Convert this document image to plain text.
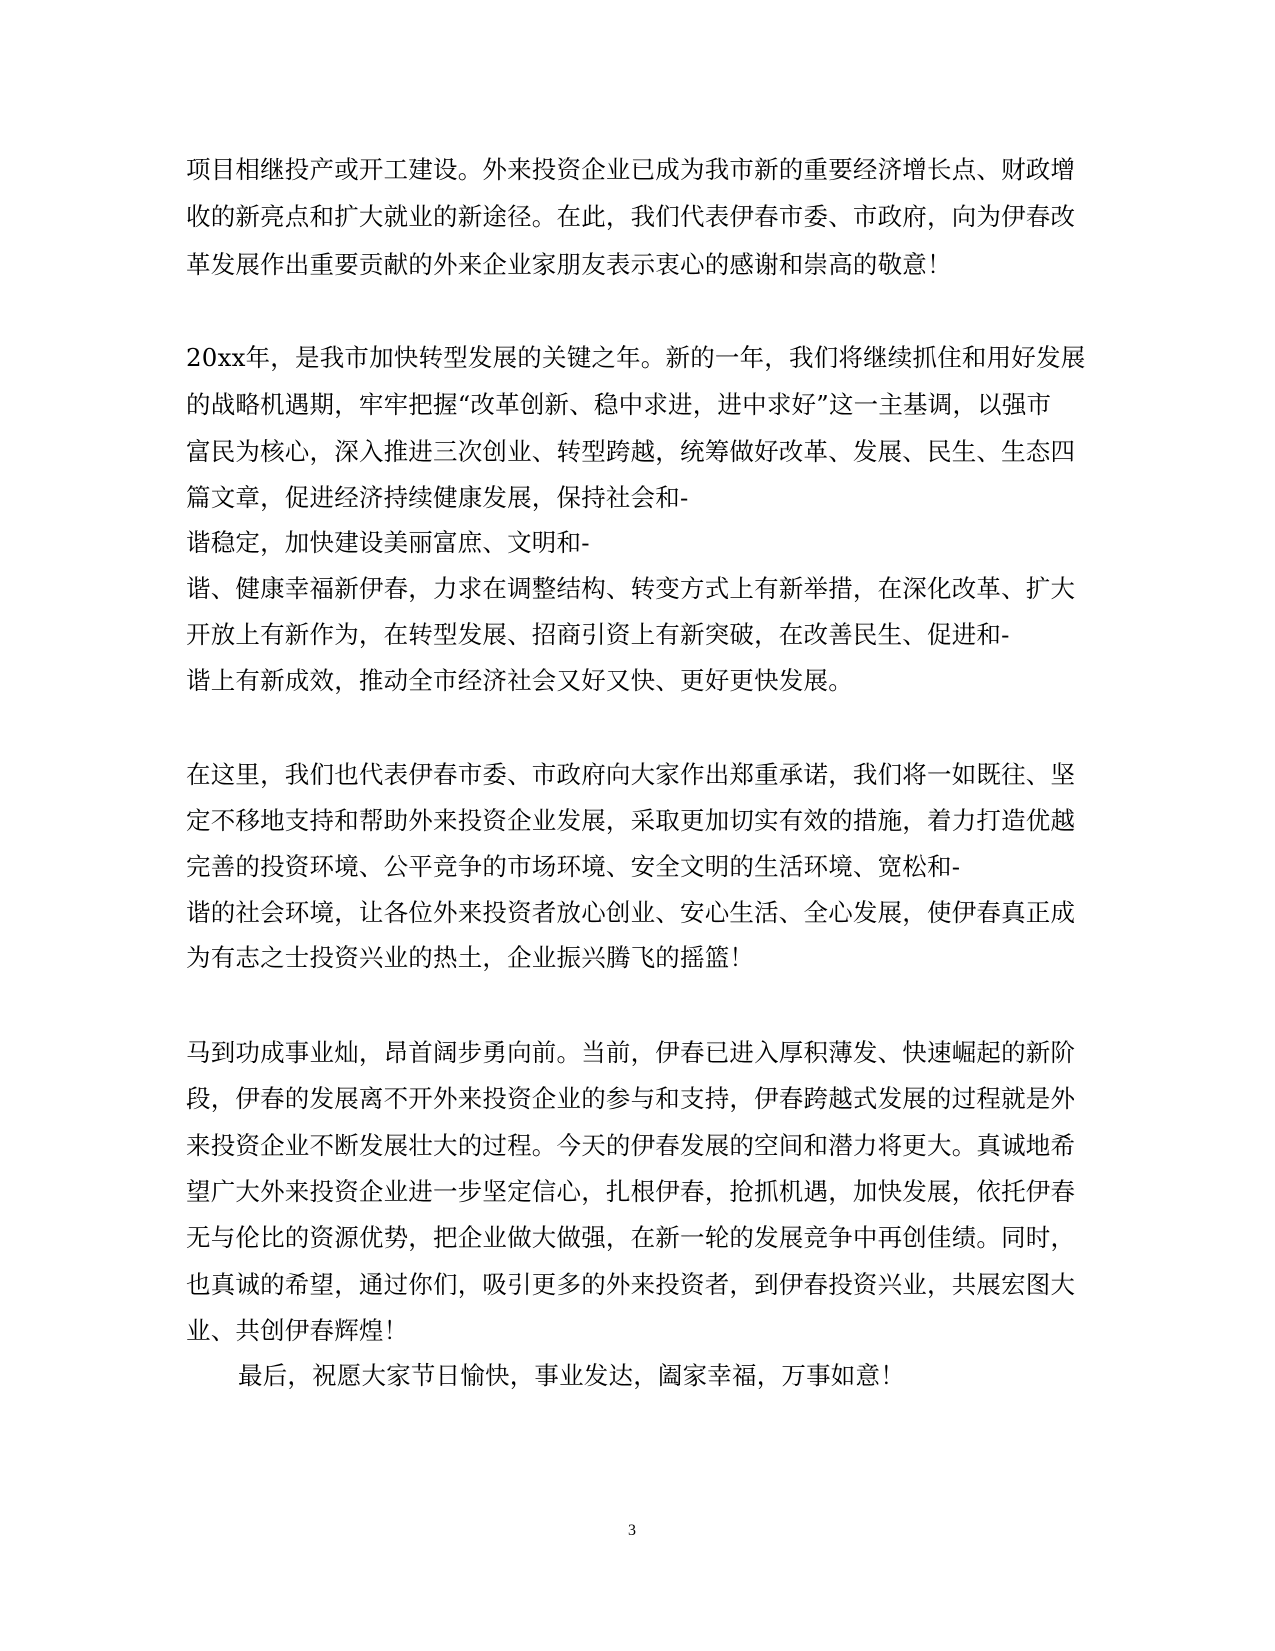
项目相继投产或开工建设。外来投资企业已成为我市新的重要经济增长点、财政增
收的新亮点和扩大就业的新途径。在此，我们代表伊春市委、市政府，向为伊春改
革发展作出重要贡献的外来企业家朋友表示衷心的感谢和崇高的敬意！
20xx年，是我市加快转型发展的关键之年。新的一年，我们将继续抓住和用好发展
的战略机遇期，牢牢把握“改革创新、稳中求进，进中求好”这一主基调，以强市
富民为核心，深入推进三次创业、转型跨越，统筹做好改革、发展、民生、生态四
篇文章，促进经济持续健康发展，保持社会和-
谐稳定，加快建设美丽富庶、文明和-
谐、健康幸福新伊春，力求在调整结构、转变方式上有新举措，在深化改革、扩大
开放上有新作为，在转型发展、招商引资上有新突破，在改善民生、促进和-
谐上有新成效，推动全市经济社会又好又快、更好更快发展。
在这里，我们也代表伊春市委、市政府向大家作出郑重承诺，我们将一如既往、坚
定不移地支持和帮助外来投资企业发展，采取更加切实有效的措施，着力打造优越
完善的投资环境、公平竞争的市场环境、安全文明的生活环境、宽松和-
谐的社会环境，让各位外来投资者放心创业、安心生活、全心发展，使伊春真正成
为有志之士投资兴业的热土，企业振兴腾飞的摇篮！
马到功成事业灿，昂首阔步勇向前。当前，伊春已进入厚积薄发、快速崛起的新阶
段，伊春的发展离不开外来投资企业的参与和支持，伊春跨越式发展的过程就是外
来投资企业不断发展壮大的过程。今天的伊春发展的空间和潜力将更大。真诚地希
望广大外来投资企业进一步坚定信心，扎根伊春，抢抓机遇，加快发展，依托伊春
无与伦比的资源优势，把企业做大做强，在新一轮的发展竞争中再创佳绩。同时，
也真诚的希望，通过你们，吸引更多的外来投资者，到伊春投资兴业，共展宏图大
业、共创伊春辉煌！
最后，祝愿大家节日愉快，事业发达，阖家幸福，万事如意！
3
